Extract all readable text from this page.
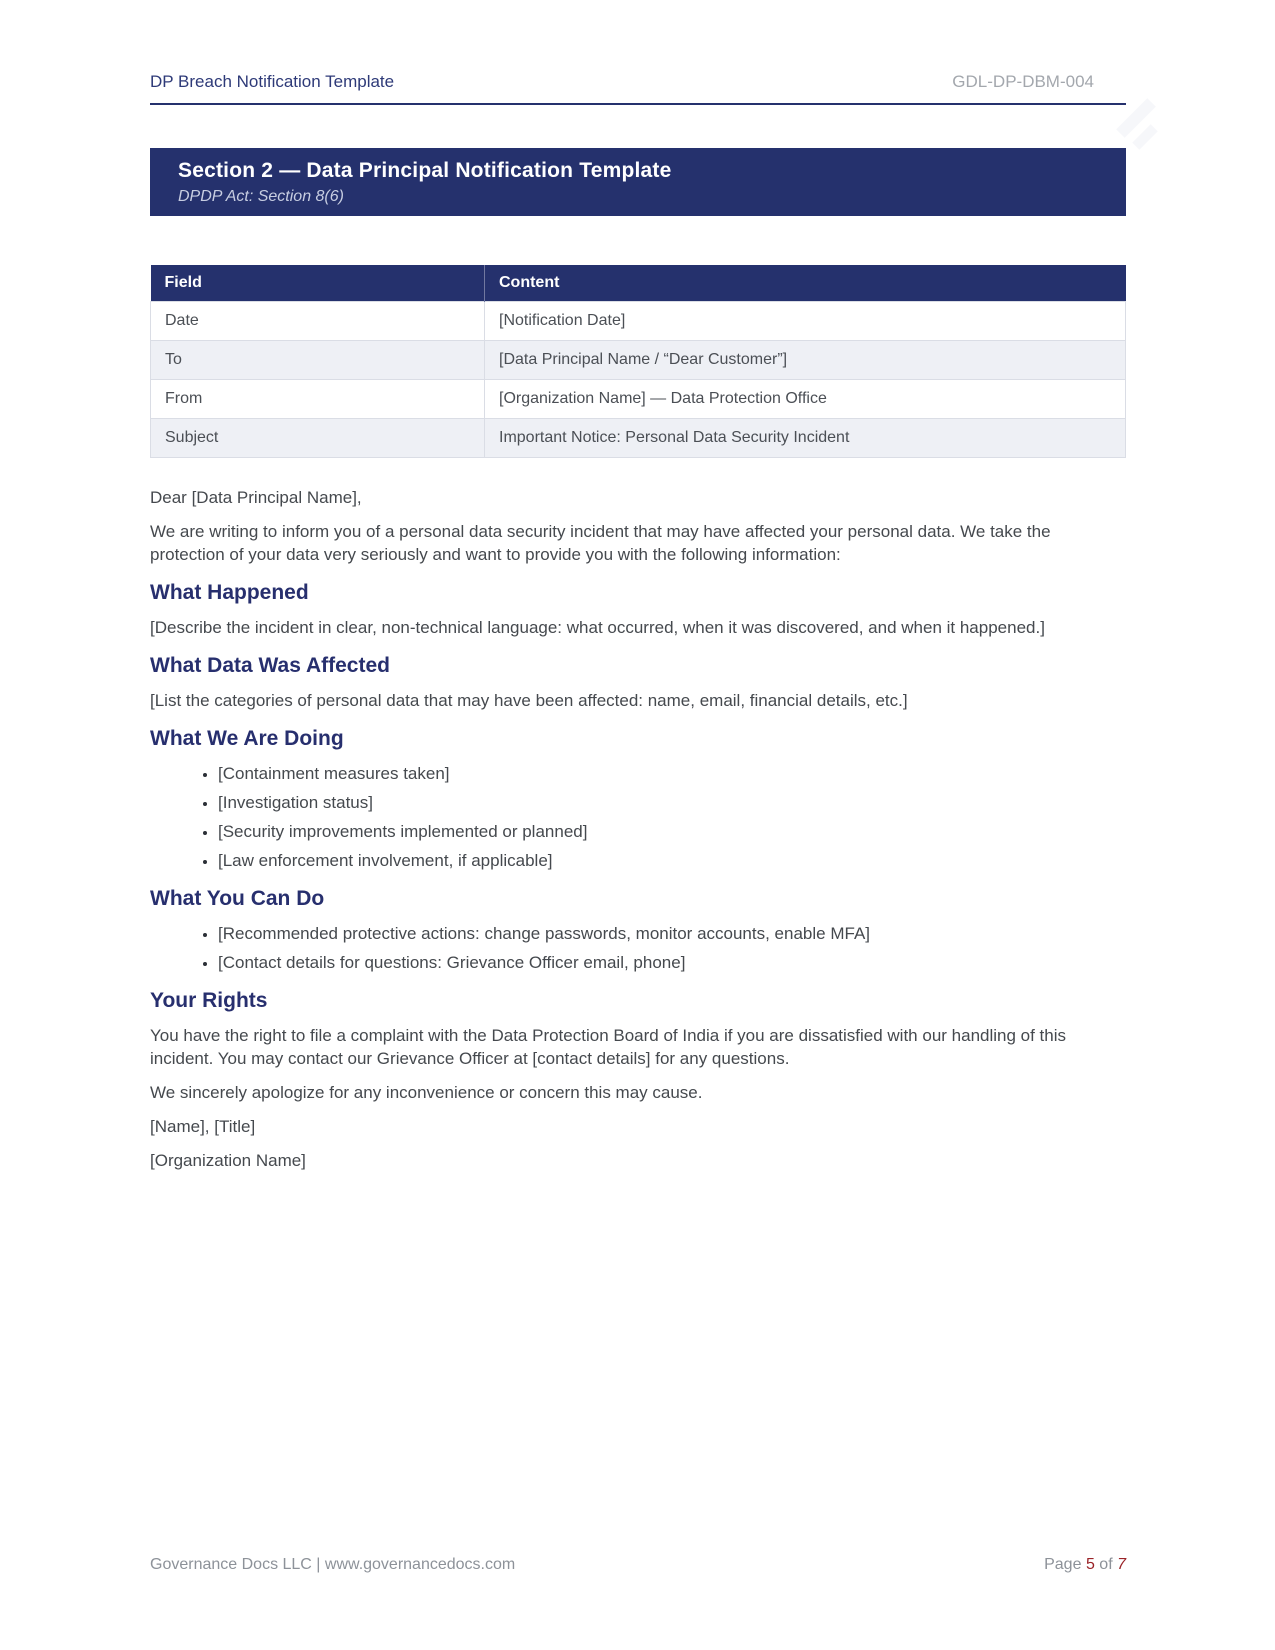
DP Breach Notification Template	GDL-DP-DBM-004
Section 2 — Data Principal Notification Template
DPDP Act: Section 8(6)
Field	Content
Date	[Notification Date]
To	[Data Principal Name / “Dear Customer”]
From	[Organization Name] — Data Protection Office
Subject	Important Notice: Personal Data Security Incident

Dear [Data Principal Name],

We are writing to inform you of a personal data security incident that may have affected your personal data. We take the protection of your data very seriously and want to provide you with the following information:

What Happened

[Describe the incident in clear, non-technical language: what occurred, when it was discovered, and when it happened.]

What Data Was Affected

[List the categories of personal data that may have been affected: name, email, financial details, etc.]

What We Are Doing
• [Containment measures taken]
• [Investigation status]
• [Security improvements implemented or planned]
• [Law enforcement involvement, if applicable]
What You Can Do
• [Recommended protective actions: change passwords, monitor accounts, enable MFA]
• [Contact details for questions: Grievance Officer email, phone]
Your Rights

You have the right to file a complaint with the Data Protection Board of India if you are dissatisfied with our handling of this incident. You may contact our Grievance Officer at [contact details] for any questions.

We sincerely apologize for any inconvenience or concern this may cause.

[Name], [Title]

[Organization Name]

Governance Docs LLC | www.governancedocs.com	Page 5 of 7
